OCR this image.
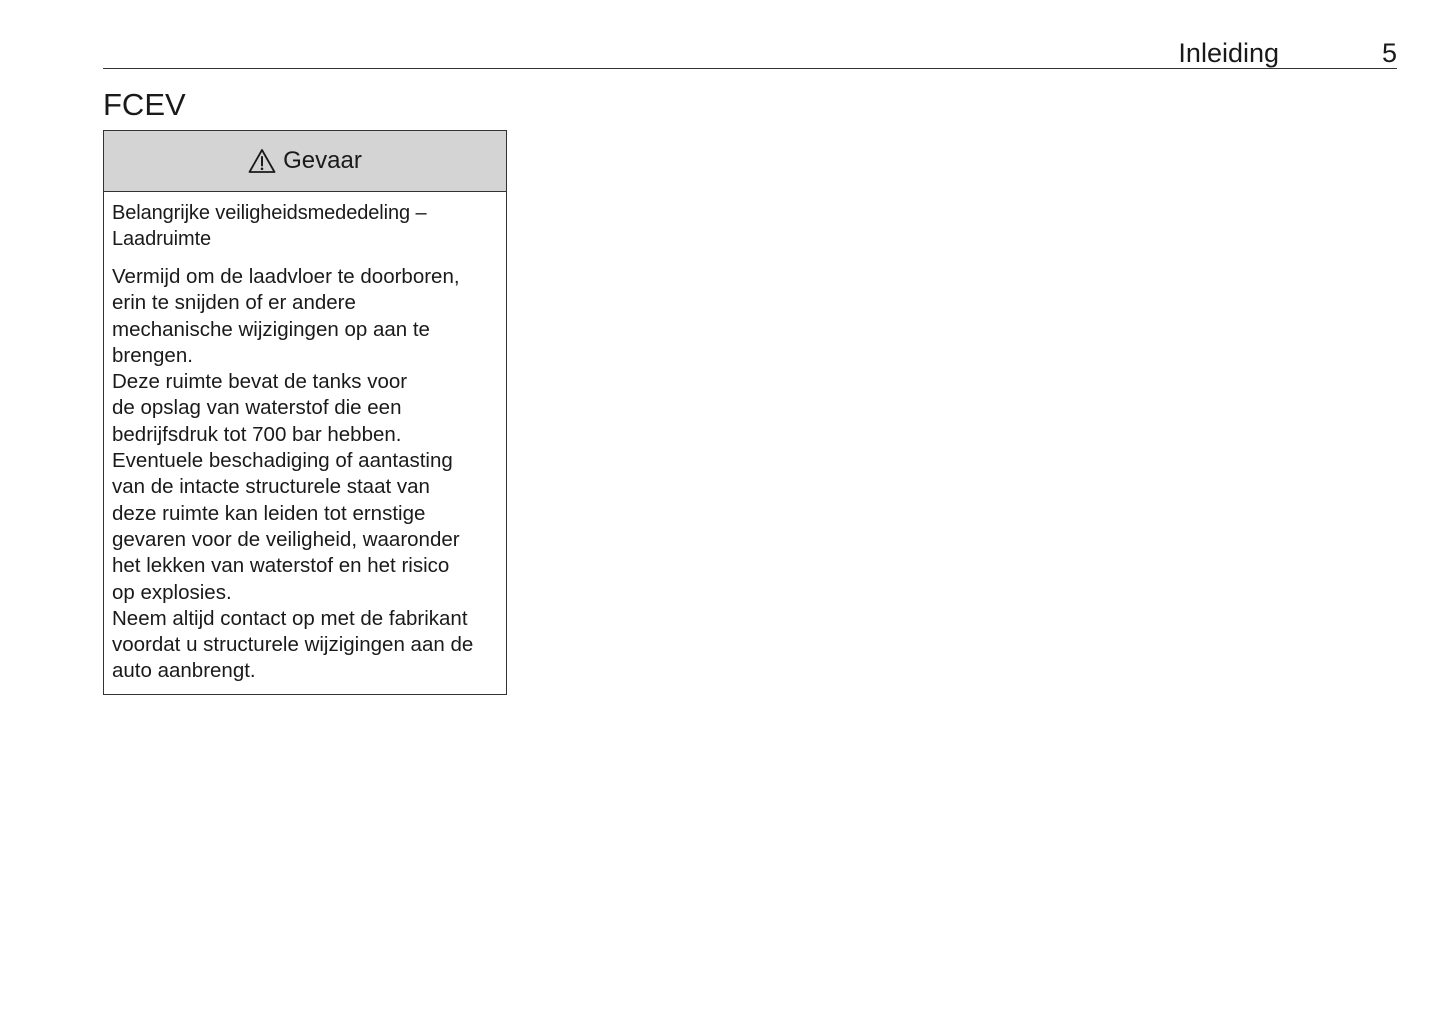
Inleiding	5
FCEV
Gevaar

Belangrijke veiligheidsmededeling –
Laadruimte

Vermijd om de laadvloer te doorboren,
erin te snijden of er andere
mechanische wijzigingen op aan te
brengen.
Deze ruimte bevat de tanks voor
de opslag van waterstof die een
bedrijfsdruk tot 700 bar hebben.
Eventuele beschadiging of aantasting
van de intacte structurele staat van
deze ruimte kan leiden tot ernstige
gevaren voor de veiligheid, waaronder
het lekken van waterstof en het risico
op explosies.
Neem altijd contact op met de fabrikant
voordat u structurele wijzigingen aan de
auto aanbrengt.
